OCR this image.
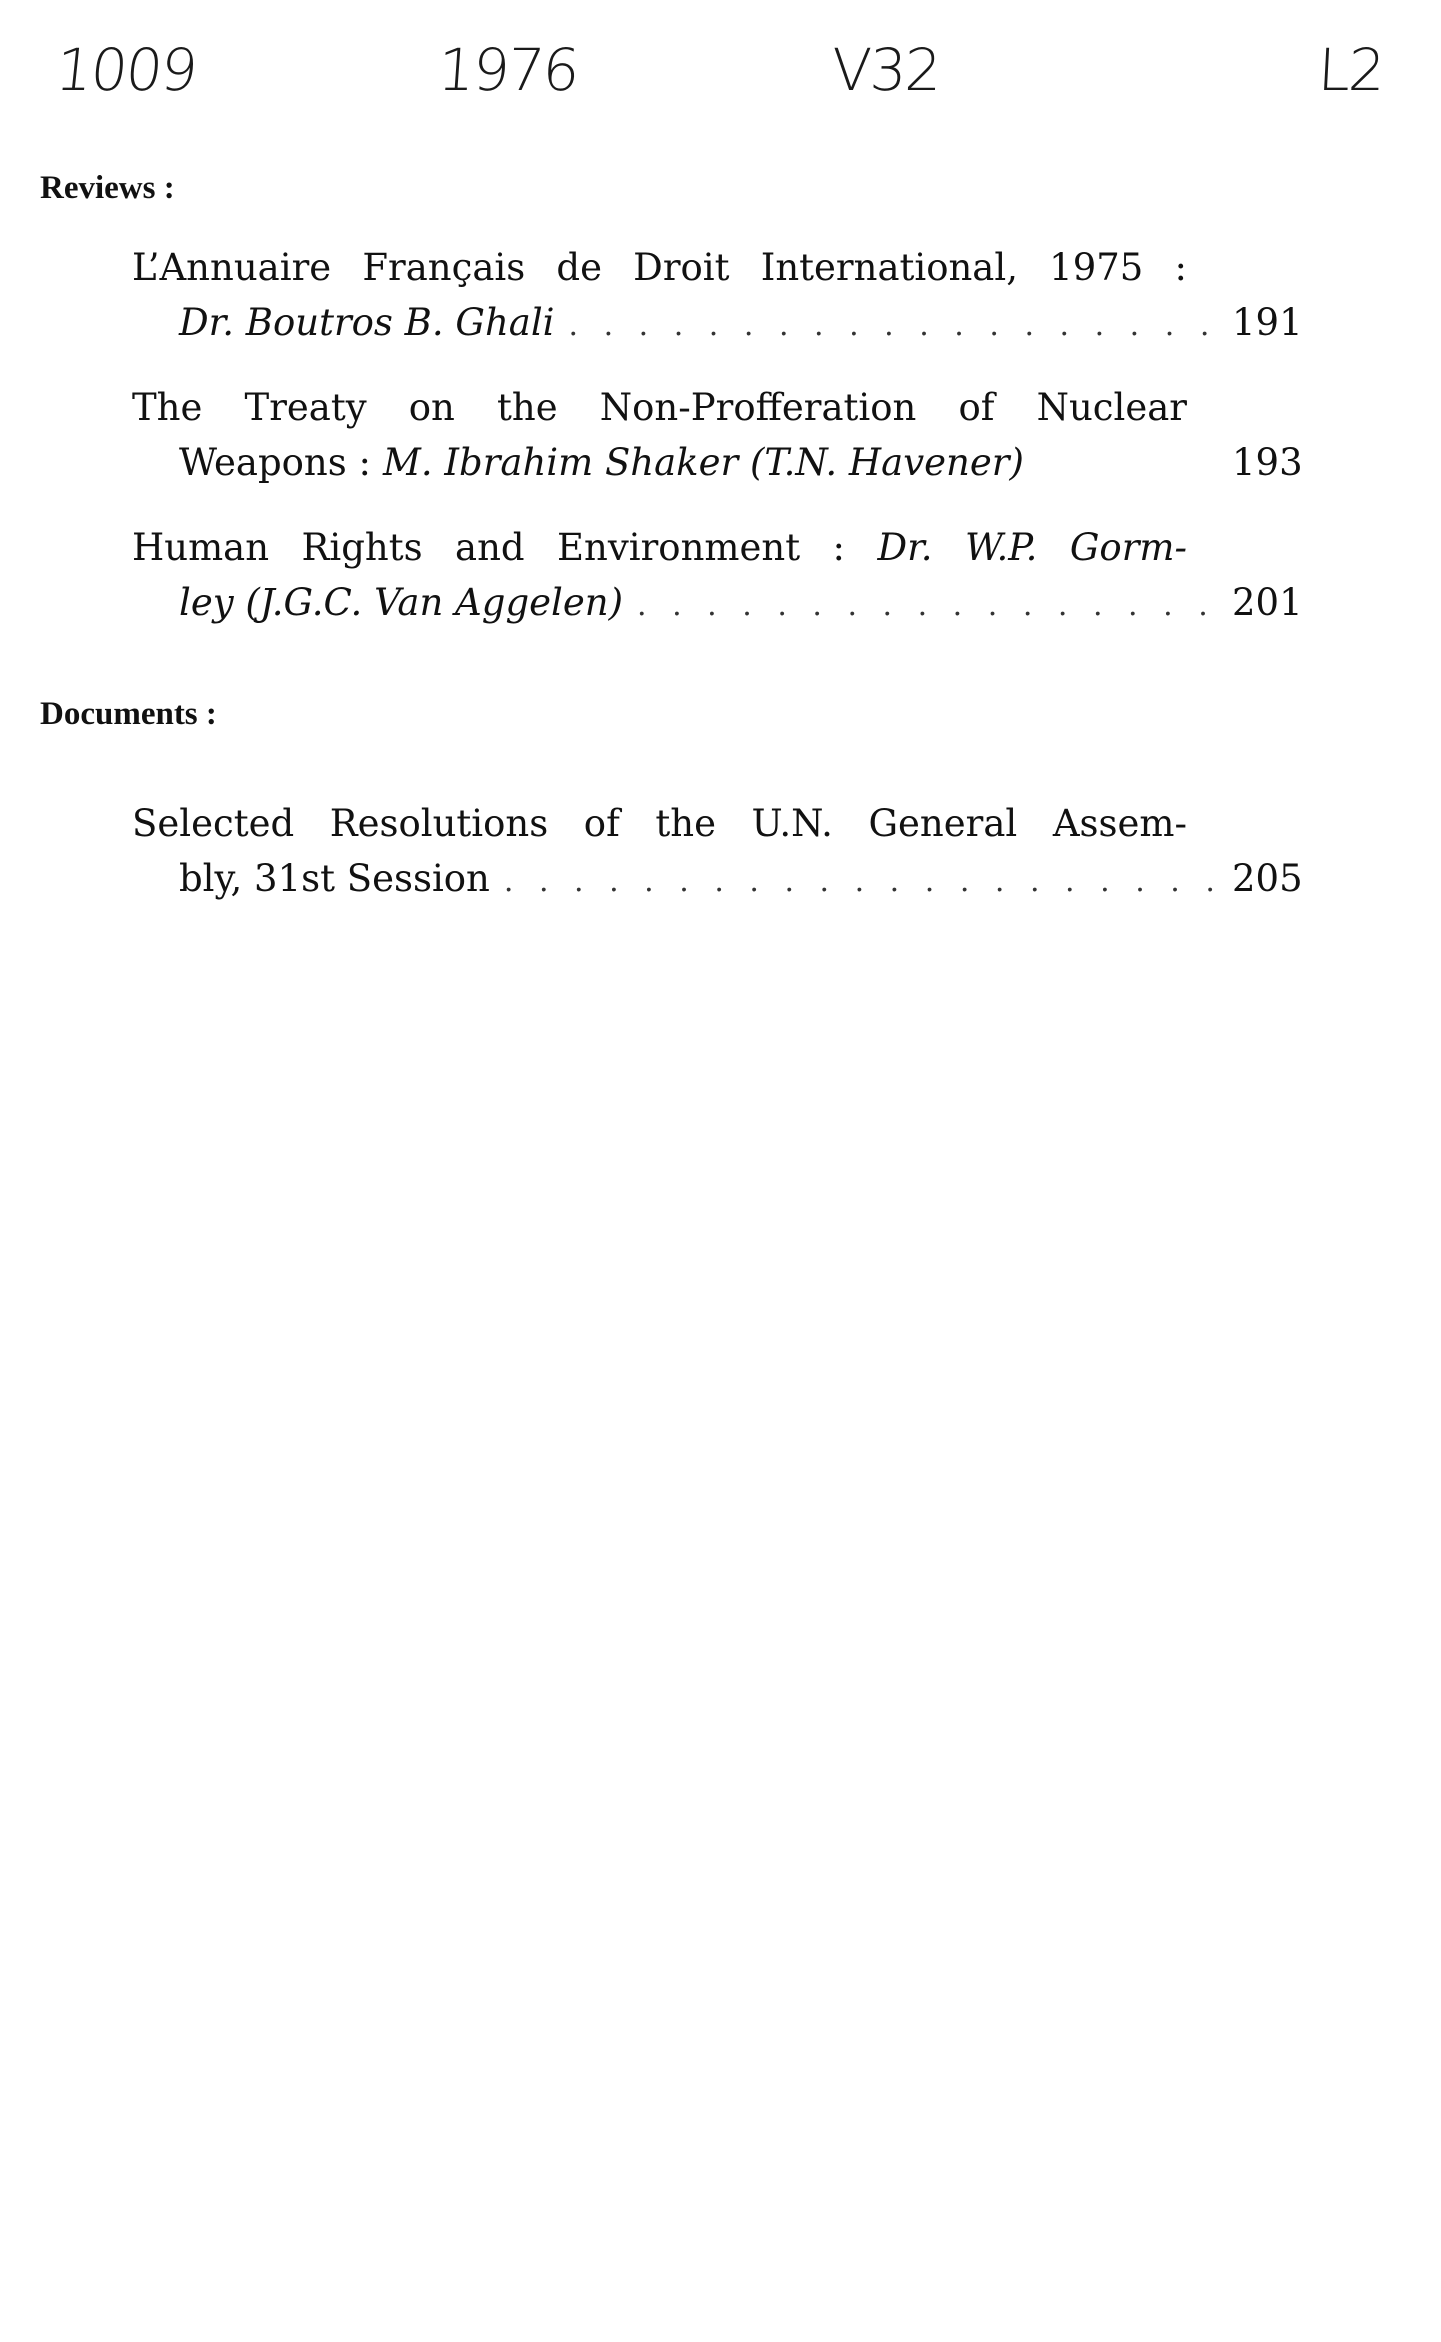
1009	1976	V32	L2
Reviews :
L’Annuaire Français de Droit International, 1975 :
Dr. Boutros B. Ghali . . .	191
The Treaty on the Non-Profferation of Nuclear
Weapons : M. Ibrahim Shaker (T.N. Havener)	193
Human Rights and Environment : Dr. W.P. Gorm-
ley (J.G.C. Van Aggelen) . . .	201
Documents :
Selected Resolutions of the U.N. General Assem-
bly, 31st Session . . .	205
